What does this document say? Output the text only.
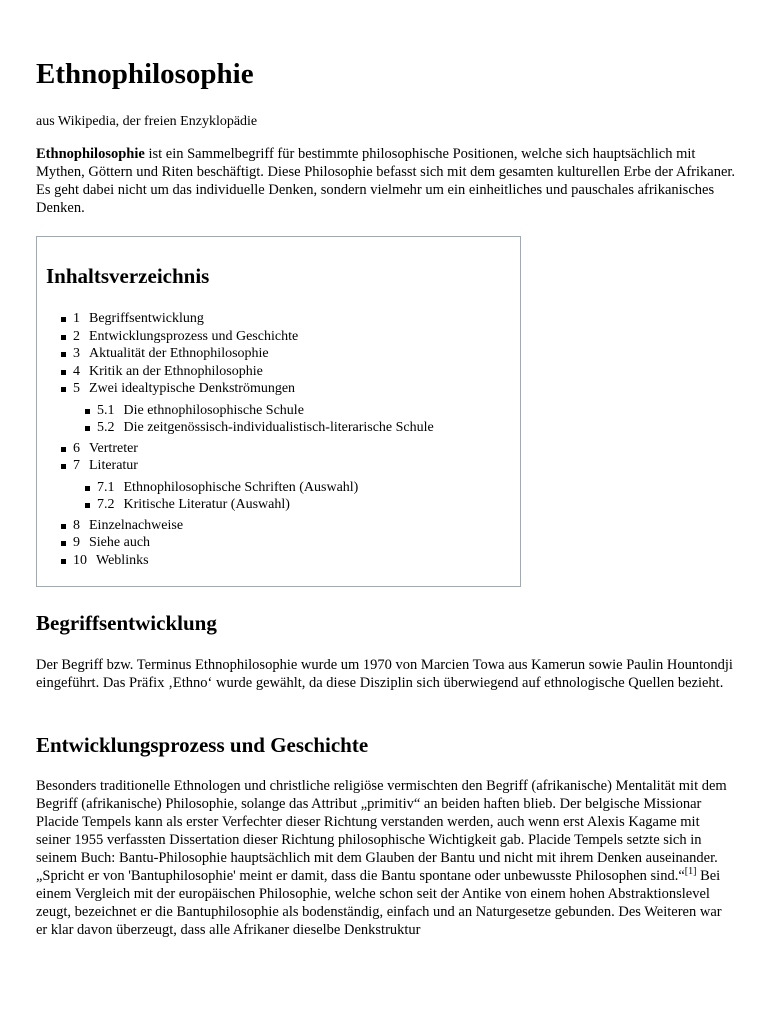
Ethnophilosophie

aus Wikipedia, der freien Enzyklopädie

Ethnophilosophie ist ein Sammelbegriff für bestimmte philosophische Positionen, welche sich hauptsächlich mit Mythen, Göttern und Riten beschäftigt. Diese Philosophie befasst sich mit dem gesamten kulturellen Erbe der Afrikaner. Es geht dabei nicht um das individuelle Denken, sondern vielmehr um ein einheitliches und pauschales afrikanisches Denken.

Inhaltsverzeichnis
1 Begriffsentwicklung
2 Entwicklungsprozess und Geschichte
3 Aktualität der Ethnophilosophie
4 Kritik an der Ethnophilosophie
5 Zwei idealtypische Denkströmungen
5.1 Die ethnophilosophische Schule
5.2 Die zeitgenössisch-individualistisch-literarische Schule
6 Vertreter
7 Literatur
7.1 Ethnophilosophische Schriften (Auswahl)
7.2 Kritische Literatur (Auswahl)
8 Einzelnachweise
9 Siehe auch
10 Weblinks
Begriffsentwicklung

Der Begriff bzw. Terminus Ethnophilosophie wurde um 1970 von Marcien Towa aus Kamerun sowie Paulin Hountondji eingeführt. Das Präfix ‚Ethno‘ wurde gewählt, da diese Disziplin sich überwiegend auf ethnologische Quellen bezieht.

Entwicklungsprozess und Geschichte

Besonders traditionelle Ethnologen und christliche religiöse vermischten den Begriff (afrikanische) Mentalität mit dem Begriff (afrikanische) Philosophie, solange das Attribut „primitiv“ an beiden haften blieb. Der belgische Missionar Placide Tempels kann als erster Verfechter dieser Richtung verstanden werden, auch wenn erst Alexis Kagame mit seiner 1955 verfassten Dissertation dieser Richtung philosophische Wichtigkeit gab. Placide Tempels setzte sich in seinem Buch: Bantu-Philosophie hauptsächlich mit dem Glauben der Bantu und nicht mit ihrem Denken auseinander. „Spricht er von 'Bantuphilosophie' meint er damit, dass die Bantu spontane oder unbewusste Philosophen sind.“[1] Bei einem Vergleich mit der europäischen Philosophie, welche schon seit der Antike von einem hohen Abstraktionslevel zeugt, bezeichnet er die Bantuphilosophie als bodenständig, einfach und an Naturgesetze gebunden. Des Weiteren war er klar davon überzeugt, dass alle Afrikaner dieselbe Denkstruktur
